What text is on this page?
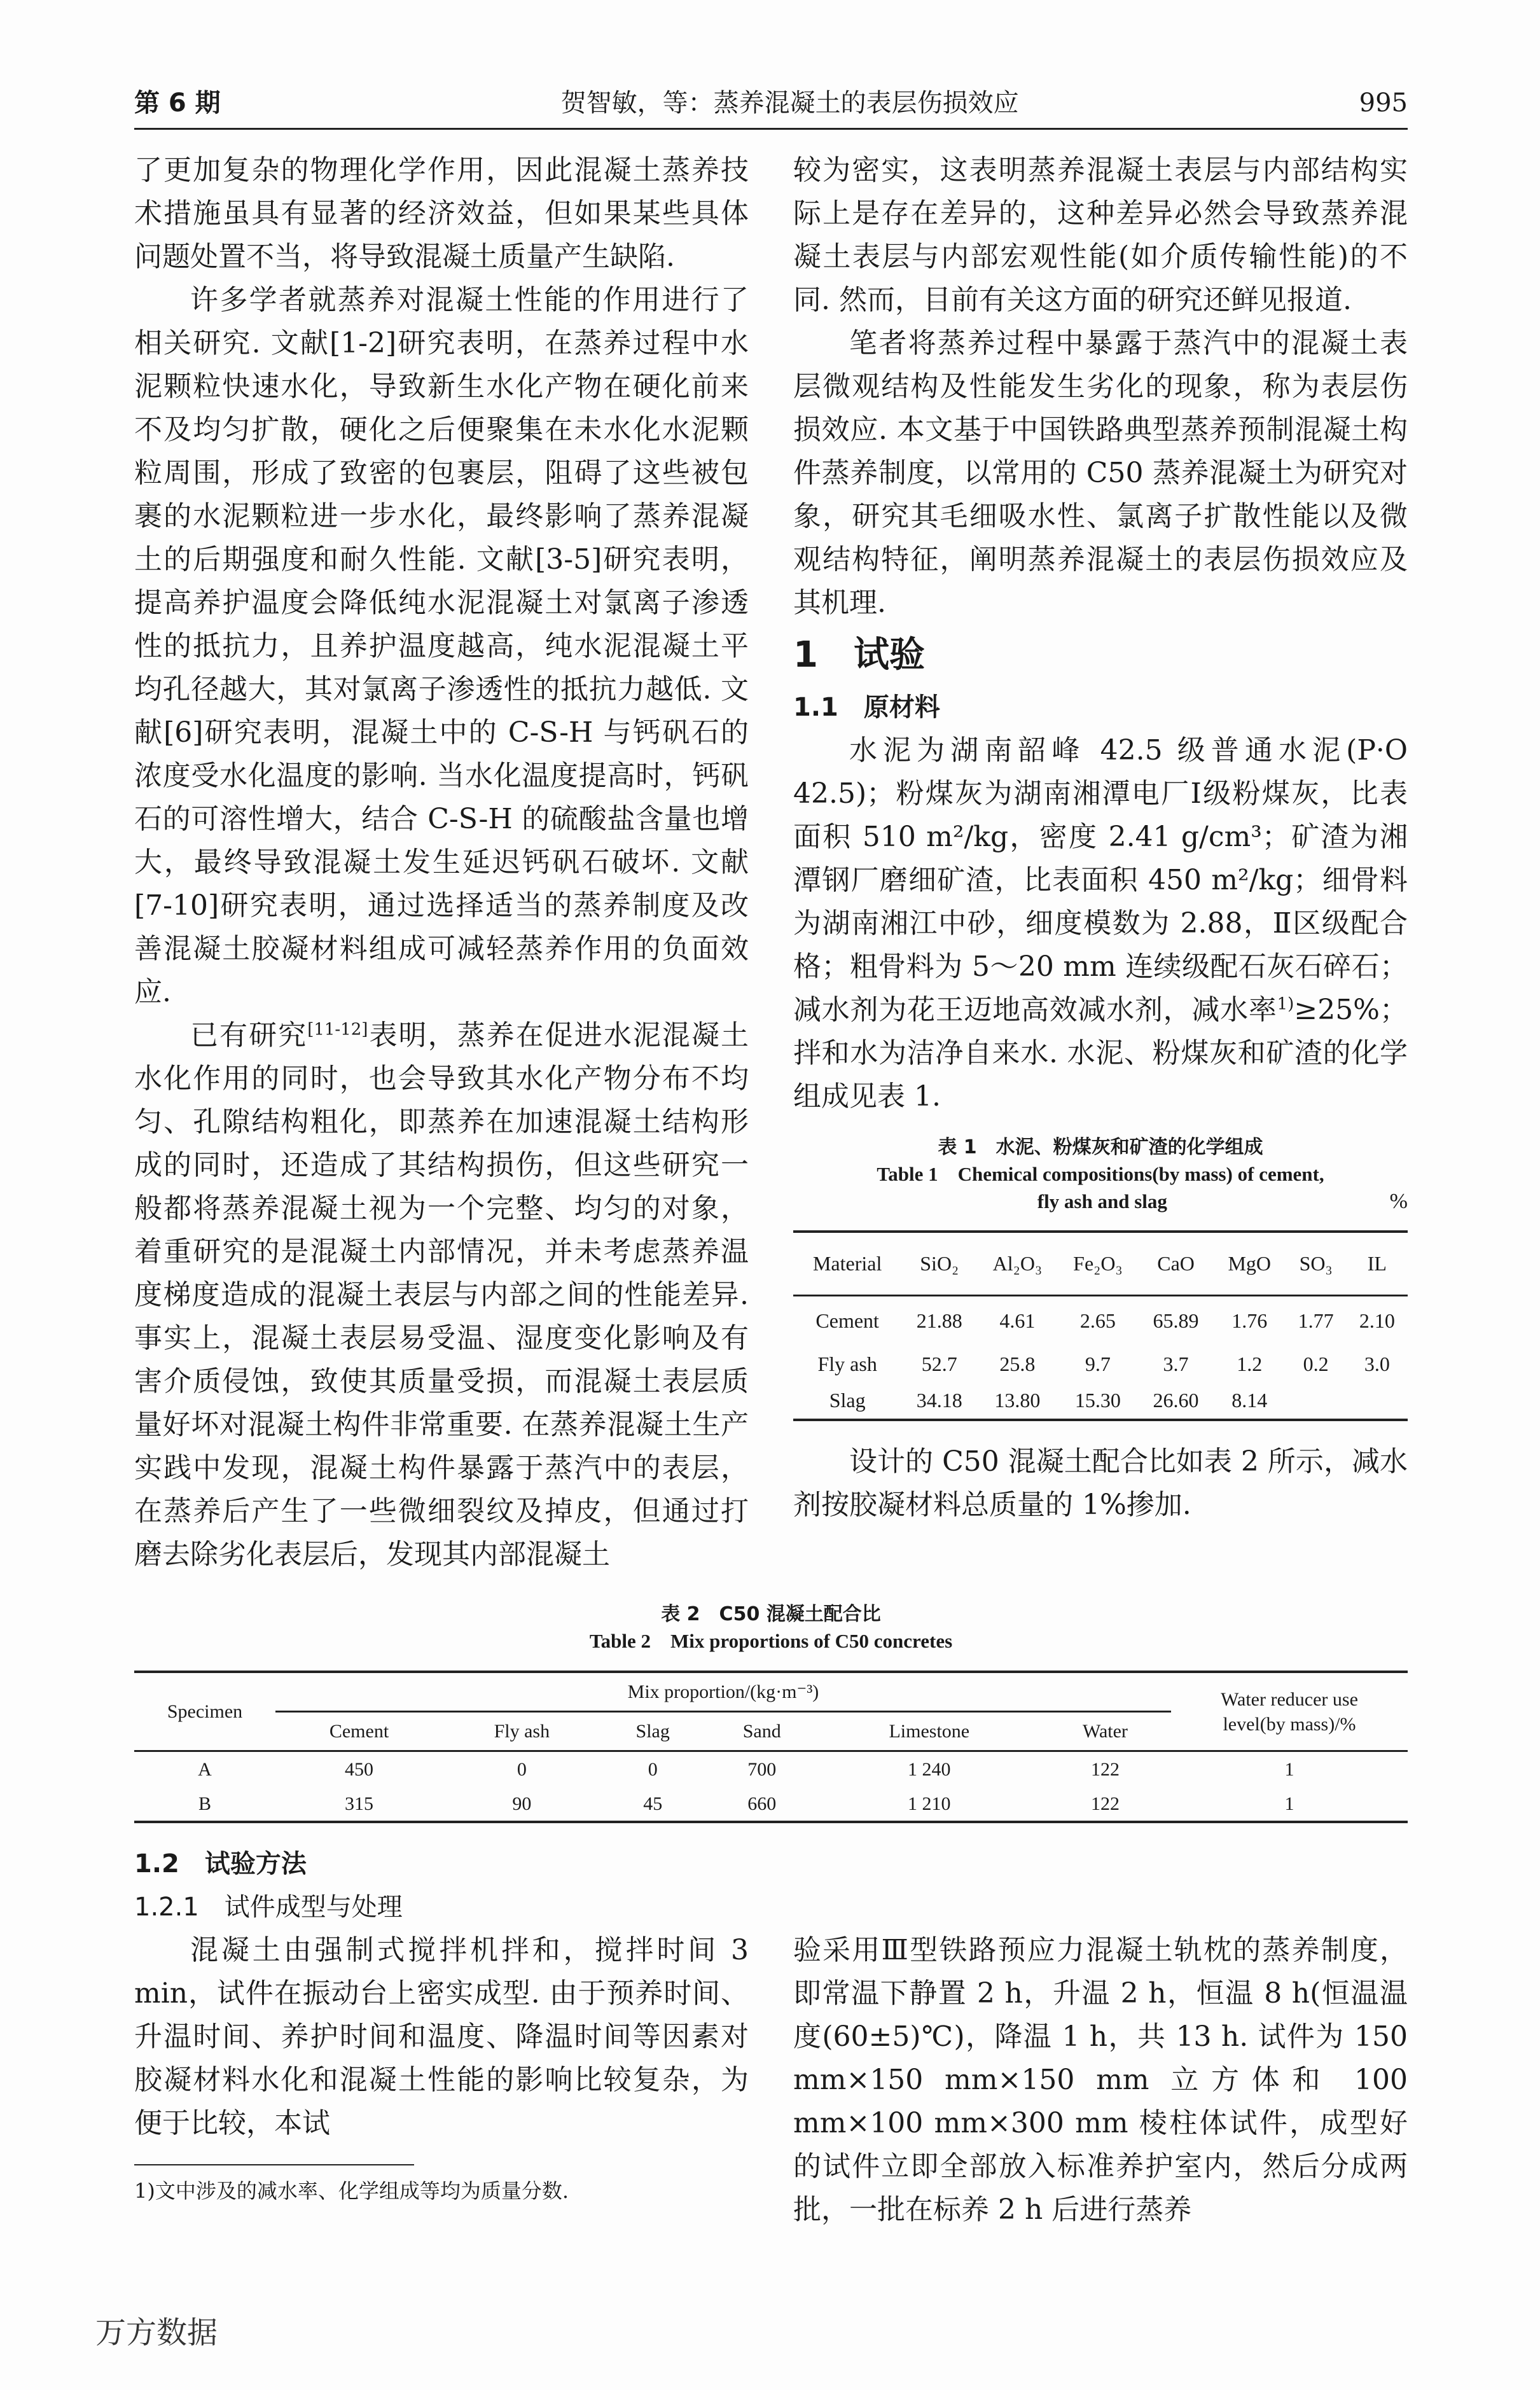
第 6 期	贺智敏，等：蒸养混凝土的表层伤损效应	995

了更加复杂的物理化学作用，因此混凝土蒸养技术措施虽具有显著的经济效益，但如果某些具体问题处置不当，将导致混凝土质量产生缺陷.

许多学者就蒸养对混凝土性能的作用进行了相关研究. 文献[1-2]研究表明，在蒸养过程中水泥颗粒快速水化，导致新生水化产物在硬化前来不及均匀扩散，硬化之后便聚集在未水化水泥颗粒周围，形成了致密的包裹层，阻碍了这些被包裹的水泥颗粒进一步水化，最终影响了蒸养混凝土的后期强度和耐久性能. 文献[3-5]研究表明，提高养护温度会降低纯水泥混凝土对氯离子渗透性的抵抗力，且养护温度越高，纯水泥混凝土平均孔径越大，其对氯离子渗透性的抵抗力越低. 文献[6]研究表明，混凝土中的 C-S-H 与钙矾石的浓度受水化温度的影响. 当水化温度提高时，钙矾石的可溶性增大，结合 C-S-H 的硫酸盐含量也增大，最终导致混凝土发生延迟钙矾石破坏. 文献[7-10]研究表明，通过选择适当的蒸养制度及改善混凝土胶凝材料组成可减轻蒸养作用的负面效应.

已有研究[11-12]表明，蒸养在促进水泥混凝土水化作用的同时，也会导致其水化产物分布不均匀、孔隙结构粗化，即蒸养在加速混凝土结构形成的同时，还造成了其结构损伤，但这些研究一般都将蒸养混凝土视为一个完整、均匀的对象，着重研究的是混凝土内部情况，并未考虑蒸养温度梯度造成的混凝土表层与内部之间的性能差异. 事实上，混凝土表层易受温、湿度变化影响及有害介质侵蚀，致使其质量受损，而混凝土表层质量好坏对混凝土构件非常重要. 在蒸养混凝土生产实践中发现，混凝土构件暴露于蒸汽中的表层，在蒸养后产生了一些微细裂纹及掉皮，但通过打磨去除劣化表层后，发现其内部混凝土

较为密实，这表明蒸养混凝土表层与内部结构实际上是存在差异的，这种差异必然会导致蒸养混凝土表层与内部宏观性能(如介质传输性能)的不同. 然而，目前有关这方面的研究还鲜见报道.

笔者将蒸养过程中暴露于蒸汽中的混凝土表层微观结构及性能发生劣化的现象，称为表层伤损效应. 本文基于中国铁路典型蒸养预制混凝土构件蒸养制度，以常用的 C50 蒸养混凝土为研究对象，研究其毛细吸水性、氯离子扩散性能以及微观结构特征，阐明蒸养混凝土的表层伤损效应及其机理.

1　试验
1.1　原材料

水泥为湖南韶峰 42.5 级普通水泥(P·O 42.5)；粉煤灰为湖南湘潭电厂Ⅰ级粉煤灰，比表面积 510 m²/kg，密度 2.41 g/cm³；矿渣为湘潭钢厂磨细矿渣，比表面积 450 m²/kg；细骨料为湖南湘江中砂，细度模数为 2.88，Ⅱ区级配合格；粗骨料为 5～20 mm 连续级配石灰石碎石；减水剂为花王迈地高效减水剂，减水率$^{1)}$≥25%；拌和水为洁净自来水. 水泥、粉煤灰和矿渣的化学组成见表 1.

表 1　水泥、粉煤灰和矿渣的化学组成
Table 1　Chemical compositions(by mass) of cement,
fly ash and slag	%
Material	SiO₂	Al₂O₃	Fe₂O₃	CaO	MgO	SO₃	IL
Cement	21.88	4.61	2.65	65.89	1.76	1.77	2.10
Fly ash	52.7	25.8	9.7	3.7	1.2	0.2	3.0
Slag	34.18	13.80	15.30	26.60	8.14		

设计的 C50 混凝土配合比如表 2 所示，减水剂按胶凝材料总质量的 1%掺加.

表 2　C50 混凝土配合比
Table 2　Mix proportions of C50 concretes
Specimen	Mix proportion/(kg·m⁻³)						Water reducer use
level(by mass)/%

	Cement	Fly ash	Slag	Sand	Limestone	Water	
A	450	0	0	700	1 240	122	1
B	315	90	45	660	1 210	122	1
1.2　试验方法
1.2.1　试件成型与处理

混凝土由强制式搅拌机拌和，搅拌时间 3 min，试件在振动台上密实成型. 由于预养时间、升温时间、养护时间和温度、降温时间等因素对胶凝材料水化和混凝土性能的影响比较复杂，为便于比较，本试

1)文中涉及的减水率、化学组成等均为质量分数.

验采用Ⅲ型铁路预应力混凝土轨枕的蒸养制度，即常温下静置 2 h，升温 2 h，恒温 8 h(恒温温度(60±5)℃)，降温 1 h，共 13 h. 试件为 150 mm×150 mm×150 mm 立方体和 100 mm×100 mm×300 mm 棱柱体试件，成型好的试件立即全部放入标准养护室内，然后分成两批，一批在标养 2 h 后进行蒸养

万方数据
